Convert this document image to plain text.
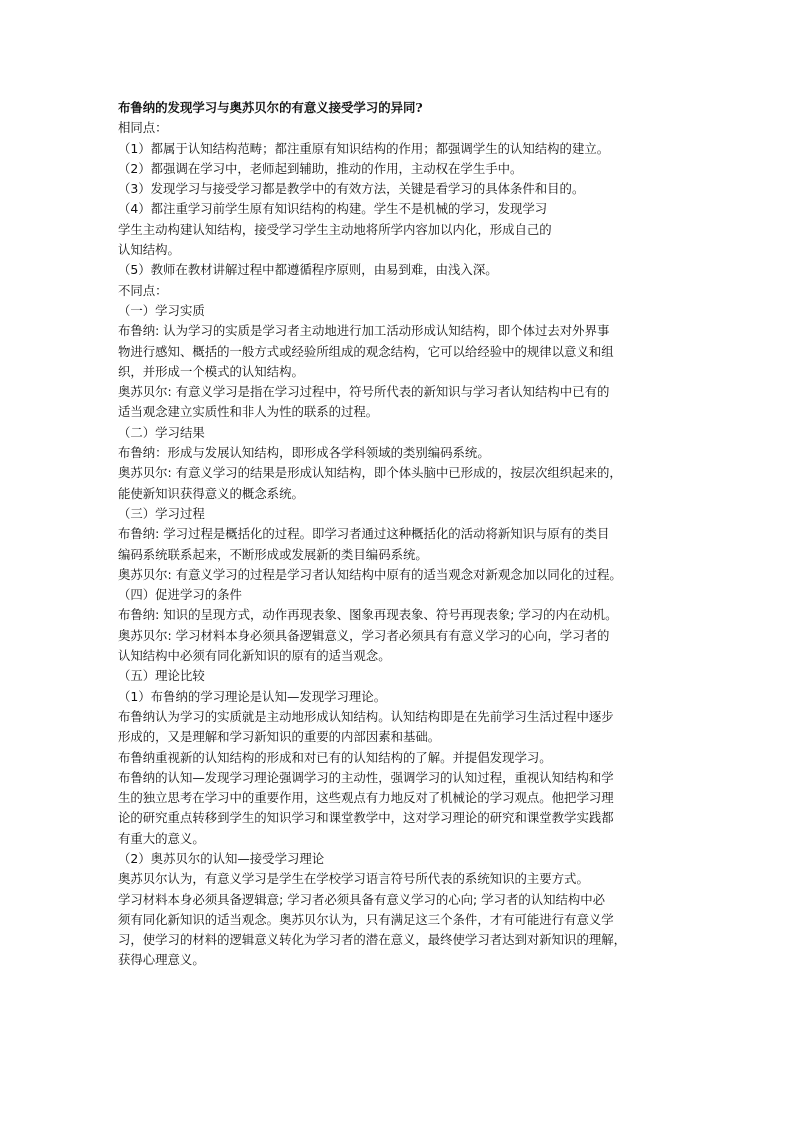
布鲁纳的发现学习与奥苏贝尔的有意义接受学习的异同?
相同点：
（1）都属于认知结构范畴；都注重原有知识结构的作用；都强调学生的认知结构的建立。
（2）都强调在学习中，老师起到辅助，推动的作用，主动权在学生手中。
（3）发现学习与接受学习都是教学中的有效方法，关键是看学习的具体条件和目的。
（4）都注重学习前学生原有知识结构的构建。学生不是机械的学习，发现学习
学生主动构建认知结构，接受学习学生主动地将所学内容加以内化，形成自己的
认知结构。
（5）教师在教材讲解过程中都遵循程序原则，由易到难，由浅入深。
不同点：
（一）学习实质
布鲁纳: 认为学习的实质是学习者主动地进行加工活动形成认知结构，即个体过去对外界事
物进行感知、概括的一般方式或经验所组成的观念结构，它可以给经验中的规律以意义和组
织，并形成一个模式的认知结构。
奥苏贝尔: 有意义学习是指在学习过程中，符号所代表的新知识与学习者认知结构中已有的
适当观念建立实质性和非人为性的联系的过程。
（二）学习结果
布鲁纳：形成与发展认知结构，即形成各学科领域的类别编码系统。
奥苏贝尔: 有意义学习的结果是形成认知结构，即个体头脑中已形成的，按层次组织起来的，
能使新知识获得意义的概念系统。
（三）学习过程
布鲁纳: 学习过程是概括化的过程。即学习者通过这种概括化的活动将新知识与原有的类目
编码系统联系起来，不断形成或发展新的类目编码系统。
奥苏贝尔: 有意义学习的过程是学习者认知结构中原有的适当观念对新观念加以同化的过程。
（四）促进学习的条件
布鲁纳: 知识的呈现方式，动作再现表象、图象再现表象、符号再现表象; 学习的内在动机。
奥苏贝尔: 学习材料本身必须具备逻辑意义，学习者必须具有有意义学习的心向，学习者的
认知结构中必须有同化新知识的原有的适当观念。
（五）理论比较
（1）布鲁纳的学习理论是认知—发现学习理论。
布鲁纳认为学习的实质就是主动地形成认知结构。认知结构即是在先前学习生活过程中逐步
形成的，又是理解和学习新知识的重要的内部因素和基础。
布鲁纳重视新的认知结构的形成和对已有的认知结构的了解。并提倡发现学习。
布鲁纳的认知—发现学习理论强调学习的主动性，强调学习的认知过程，重视认知结构和学
生的独立思考在学习中的重要作用，这些观点有力地反对了机械论的学习观点。他把学习理
论的研究重点转移到学生的知识学习和课堂教学中，这对学习理论的研究和课堂教学实践都
有重大的意义。
（2）奥苏贝尔的认知—接受学习理论
奥苏贝尔认为，有意义学习是学生在学校学习语言符号所代表的系统知识的主要方式。
学习材料本身必须具备逻辑意; 学习者必须具备有意义学习的心向; 学习者的认知结构中必
须有同化新知识的适当观念。奥苏贝尔认为，只有满足这三个条件，才有可能进行有意义学
习，使学习的材料的逻辑意义转化为学习者的潜在意义，最终使学习者达到对新知识的理解，
获得心理意义。
